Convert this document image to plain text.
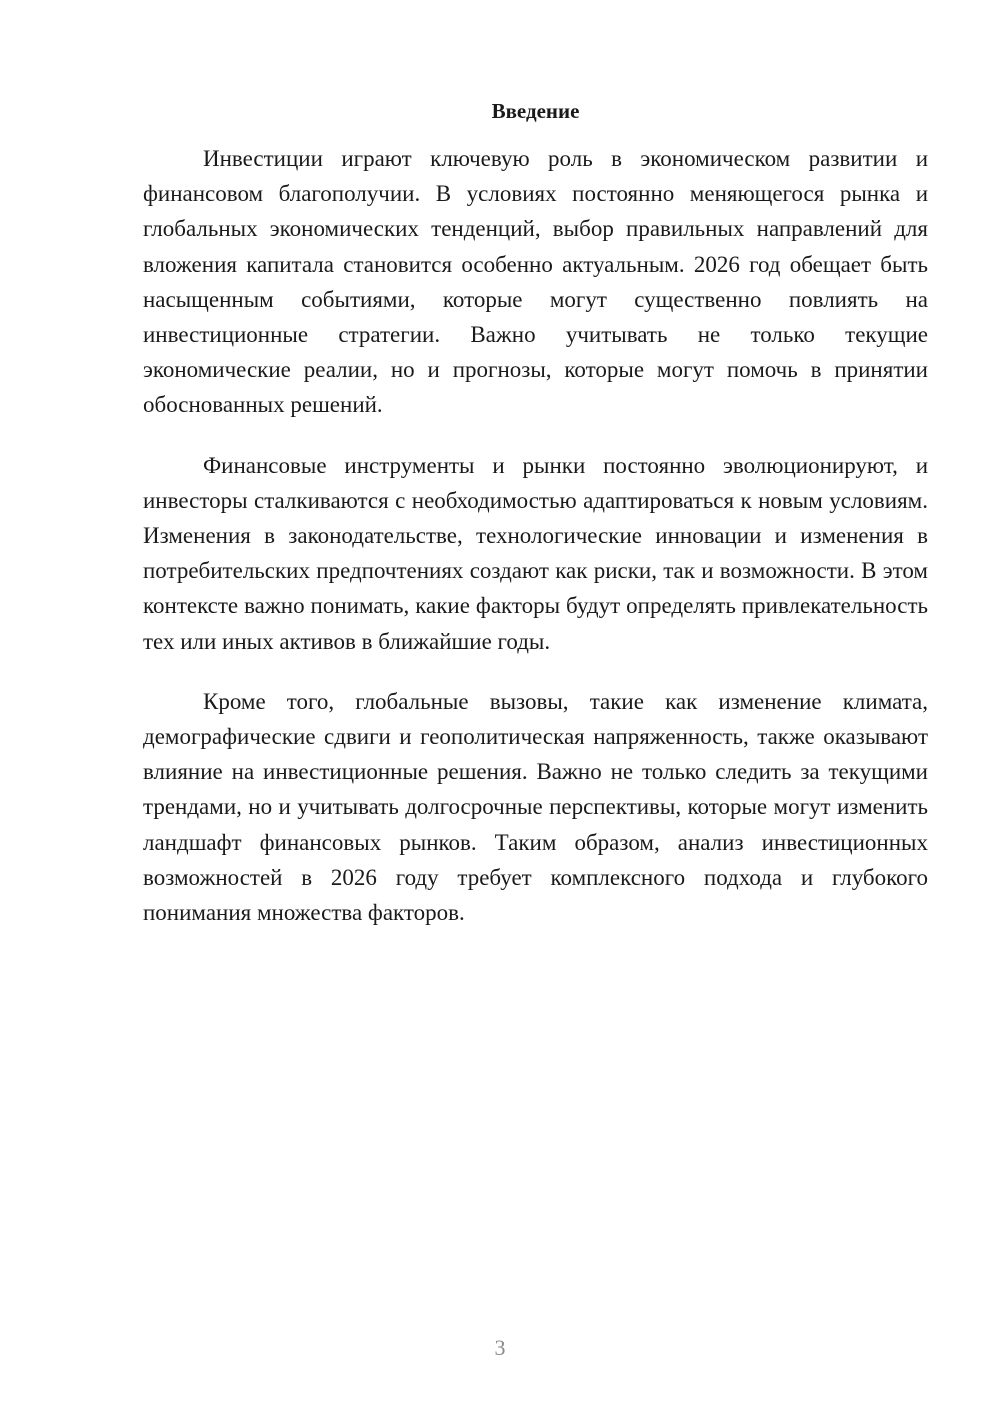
Введение

Инвестиции играют ключевую роль в экономическом развитии и финансовом благополучии. В условиях постоянно меняющегося рынка и глобальных экономических тенденций, выбор правильных направлений для вложения капитала становится особенно актуальным. 2026 год обещает быть насыщенным событиями, которые могут существенно повлиять на инвестиционные стратегии. Важно учитывать не только текущие экономические реалии, но и прогнозы, которые могут помочь в принятии обоснованных решений.

Финансовые инструменты и рынки постоянно эволюционируют, и инвесторы сталкиваются с необходимостью адаптироваться к новым условиям. Изменения в законодательстве, технологические инновации и изменения в потребительских предпочтениях создают как риски, так и возможности. В этом контексте важно понимать, какие факторы будут определять привлекательность тех или иных активов в ближайшие годы.

Кроме того, глобальные вызовы, такие как изменение климата, демографические сдвиги и геополитическая напряженность, также оказывают влияние на инвестиционные решения. Важно не только следить за текущими трендами, но и учитывать долгосрочные перспективы, которые могут изменить ландшафт финансовых рынков. Таким образом, анализ инвестиционных возможностей в 2026 году требует комплексного подхода и глубокого понимания множества факторов.

3
